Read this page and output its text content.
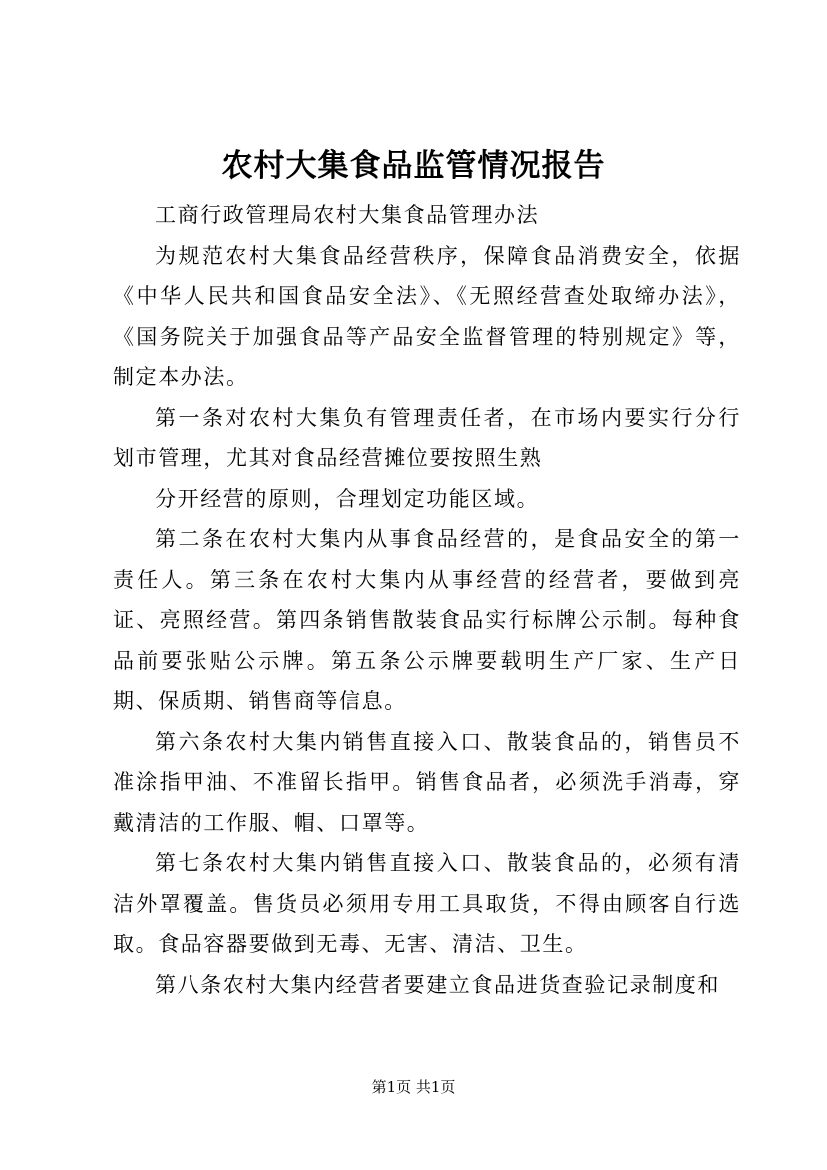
农村大集食品监管情况报告

工商行政管理局农村大集食品管理办法

为规范农村大集食品经营秩序，保障食品消费安全，依据《中华人民共和国食品安全法》、《无照经营查处取缔办法》，《国务院关于加强食品等产品安全监督管理的特别规定》等，制定本办法。

第一条对农村大集负有管理责任者，在市场内要实行分行划市管理，尤其对食品经营摊位要按照生熟

分开经营的原则，合理划定功能区域。

第二条在农村大集内从事食品经营的，是食品安全的第一责任人。第三条在农村大集内从事经营的经营者，要做到亮证、亮照经营。第四条销售散装食品实行标牌公示制。每种食品前要张贴公示牌。第五条公示牌要载明生产厂家、生产日期、保质期、销售商等信息。

第六条农村大集内销售直接入口、散装食品的，销售员不准涂指甲油、不准留长指甲。销售食品者，必须洗手消毒，穿戴清洁的工作服、帽、口罩等。

第七条农村大集内销售直接入口、散装食品的，必须有清洁外罩覆盖。售货员必须用专用工具取货，不得由顾客自行选取。食品容器要做到无毒、无害、清洁、卫生。

第八条农村大集内经营者要建立食品进货查验记录制度和

第1页 共1页
